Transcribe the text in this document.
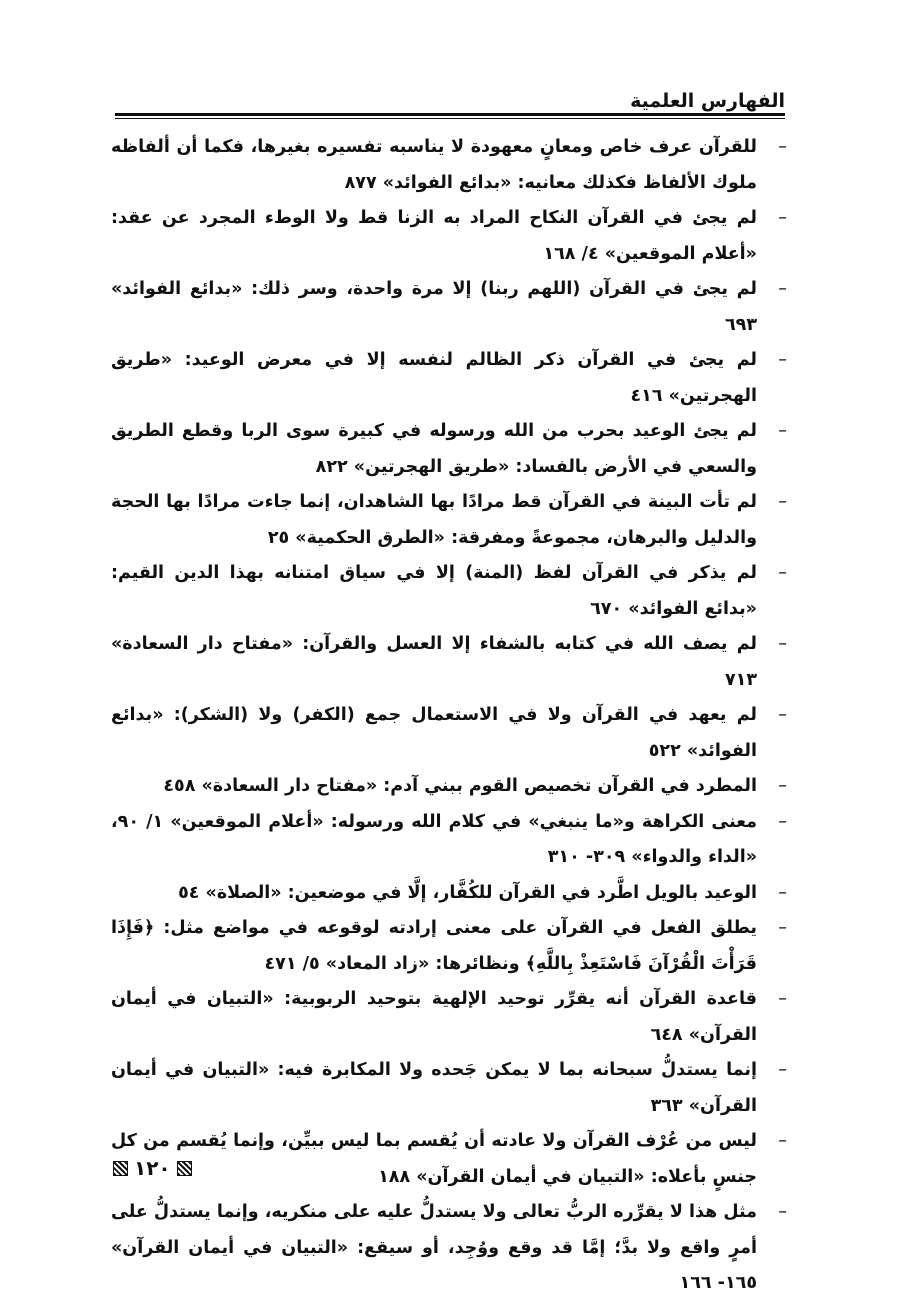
الفهارس العلمية
–
للقرآن عرف خاص ومعانٍ معهودة لا يناسبه تفسيره بغيرها، فكما أن ألفاظه ملوك الألفاظ فكذلك معانيه: «بدائع الفوائد» ٨٧٧
–
لم يجئ في القرآن النكاح المراد به الزنا قط ولا الوطء المجرد عن عقد: «أعلام الموقعين» ٤/ ١٦٨
–
لم يجئ في القرآن (اللهم ربنا) إلا مرة واحدة، وسر ذلك: «بدائع الفوائد» ٦٩٣
–
لم يجئ في القرآن ذكر الظالم لنفسه إلا في معرض الوعيد: «طريق الهجرتين» ٤١٦
–
لم يجئ الوعيد بحرب من الله ورسوله في كبيرة سوى الربا وقطع الطريق والسعي في الأرض بالفساد: «طريق الهجرتين» ٨٢٢
–
لم تأت البينة في القرآن قط مرادًا بها الشاهدان، إنما جاءت مرادًا بها الحجة والدليل والبرهان، مجموعةً ومفرقة: «الطرق الحكمية» ٢٥
–
لم يذكر في القرآن لفظ (المنة) إلا في سياق امتنانه بهذا الدين القيم: «بدائع الفوائد» ٦٧٠
–
لم يصف الله في كتابه بالشفاء إلا العسل والقرآن: «مفتاح دار السعادة» ٧١٣
–
لم يعهد في القرآن ولا في الاستعمال جمع (الكفر) ولا (الشكر): «بدائع الفوائد» ٥٢٢
–
المطرد في القرآن تخصيص القوم ببني آدم: «مفتاح دار السعادة» ٤٥٨
–
معنى الكراهة و«ما ينبغي» في كلام الله ورسوله: «أعلام الموقعين» ١/ ٩٠، «الداء والدواء» ٣٠٩- ٣١٠
–
الوعيد بالويل اطَّرد في القرآن للكُفَّار، إلَّا في موضعين: «الصلاة» ٥٤
–
يطلق الفعل في القرآن على معنى إرادته لوقوعه في مواضع مثل: ﴿فَإِذَا قَرَأْتَ الْقُرْآنَ فَاسْتَعِذْ بِاللَّهِ﴾ ونظائرها: «زاد المعاد» ٥/ ٤٧١
–
قاعدة القرآن أنه يقرِّر توحيد الإلهية بتوحيد الربوبية: «التبيان في أيمان القرآن» ٦٤٨
–
إنما يستدلُّ سبحانه بما لا يمكن جَحده ولا المكابرة فيه: «التبيان في أيمان القرآن» ٣٦٣
–
ليس من عُرْف القرآن ولا عادته أن يُقسم بما ليس ببيِّن، وإنما يُقسم من كل جنسٍ بأعلاه: «التبيان في أيمان القرآن» ١٨٨
–
مثل هذا لا يقرِّره الربُّ تعالى ولا يستدلُّ عليه على منكريه، وإنما يستدلُّ على أمرٍ واقع ولا بدَّ؛ إمَّا قد وقع ووُجِد، أو سيقع: «التبيان في أيمان القرآن» ١٦٥- ١٦٦
١٢٠
